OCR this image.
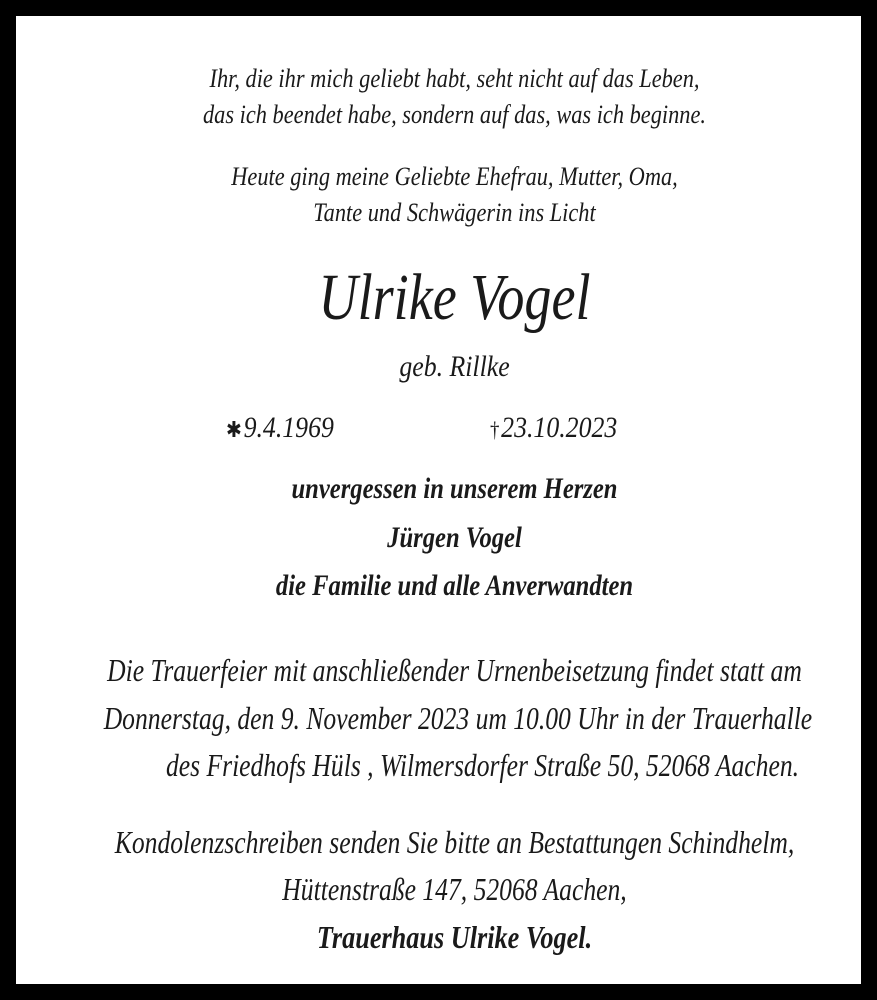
Ihr, die ihr mich geliebt habt, seht nicht auf das Leben,
das ich beendet habe, sondern auf das, was ich beginne.
Heute ging meine Geliebte Ehefrau, Mutter, Oma,
Tante und Schwägerin ins Licht
Ulrike Vogel
geb. Rillke
✱9.4.1969	†23.10.2023
unvergessen in unserem Herzen
Jürgen Vogel
die Familie und alle Anverwandten
Die Trauerfeier mit anschließender Urnenbeisetzung findet statt am
Donnerstag, den 9. November 2023 um 10.00 Uhr in der Trauerhalle
des Friedhofs Hüls , Wilmersdorfer Straße 50, 52068 Aachen.
Kondolenzschreiben senden Sie bitte an Bestattungen Schindhelm,
Hüttenstraße 147, 52068 Aachen,
Trauerhaus Ulrike Vogel.
